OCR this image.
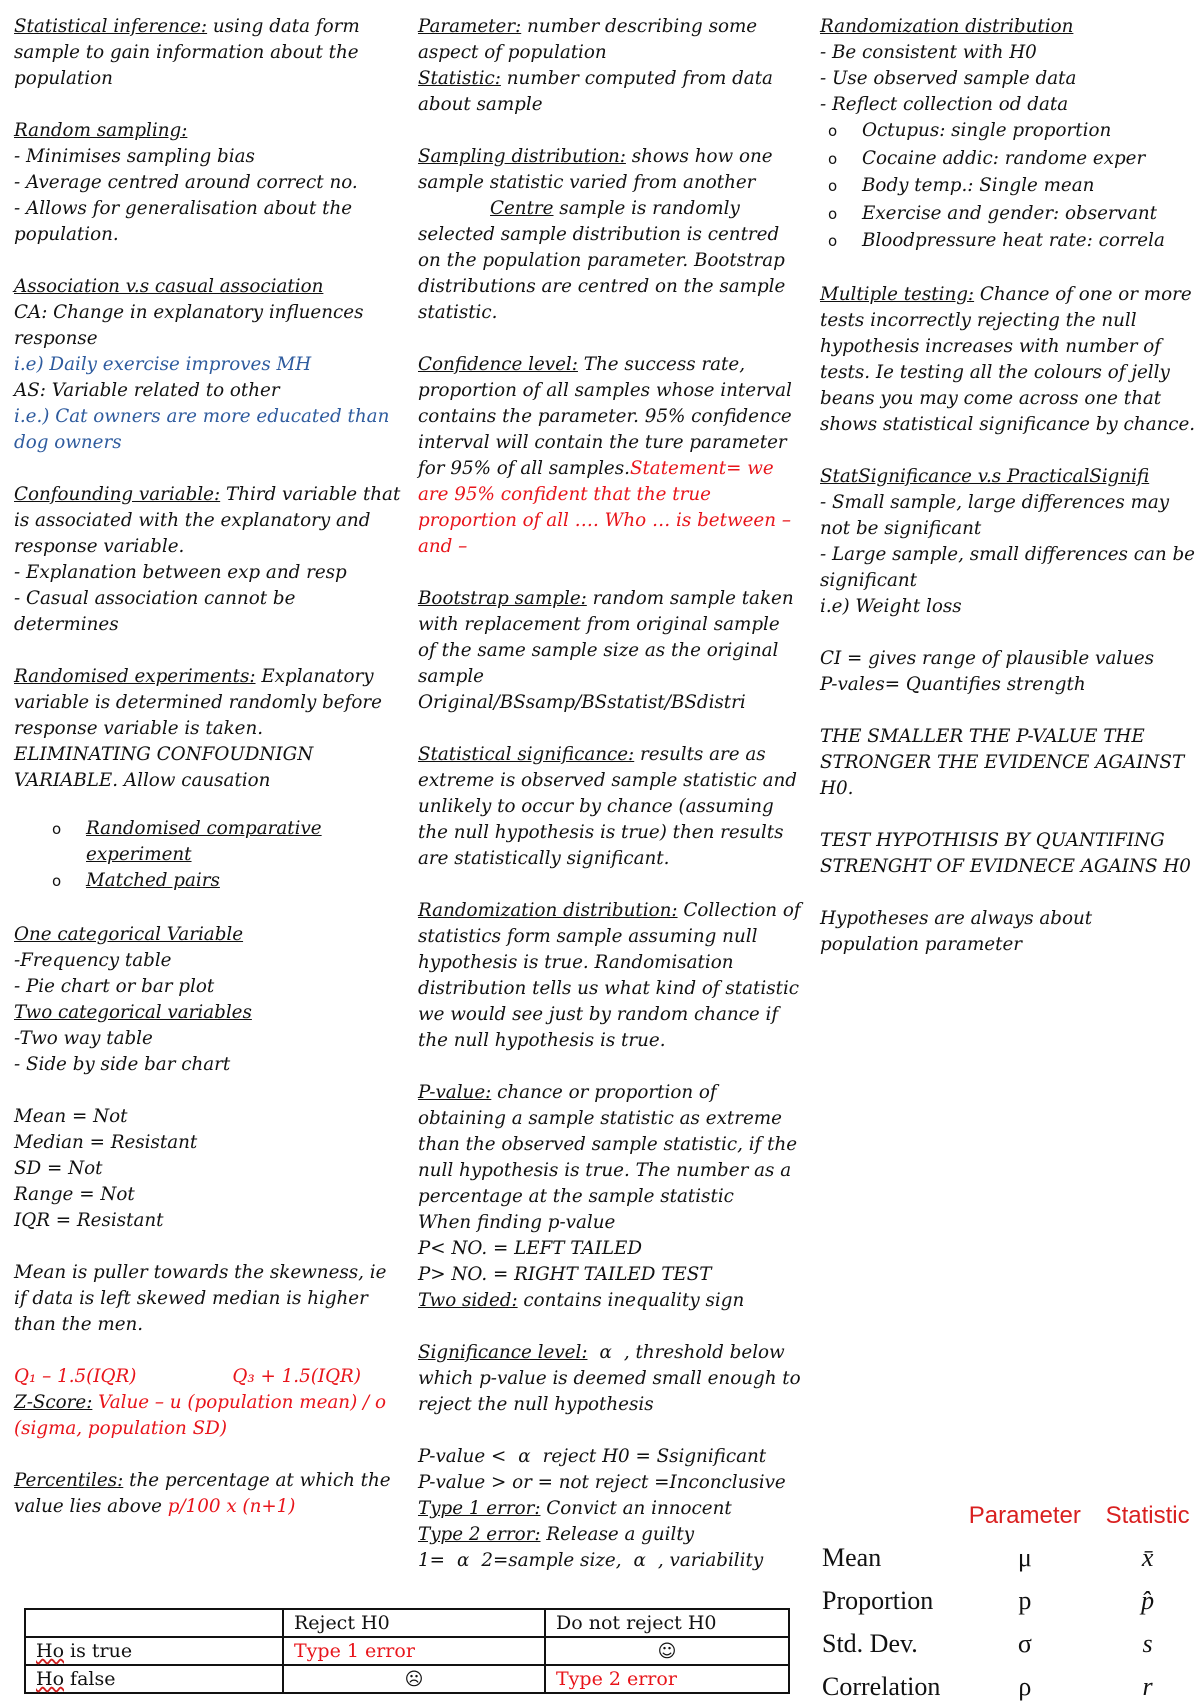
Statistical inference: using data form sample to gain information about the population
Random sampling:
- Minimises sampling bias
- Average centred around correct no.
- Allows for generalisation about the population.
Association v.s casual association
CA: Change in explanatory influences response
i.e) Daily exercise improves MH
AS: Variable related to other
i.e.) Cat owners are more educated than dog owners
Confounding variable: Third variable that is associated with the explanatory and response variable.
- Explanation between exp and resp
- Casual association cannot be determines
Randomised experiments: Explanatory variable is determined randomly before response variable is taken. ELIMINATING CONFOUDNIGN VARIABLE. Allow causation
o Randomised comparative experiment
o Matched pairs
One categorical Variable
-Frequency table
- Pie chart or bar plot
Two categorical variables
-Two way table
- Side by side bar chart
Mean = Not
Median = Resistant
SD = Not
Range = Not
IQR = Resistant
Mean is puller towards the skewness, ie if data is left skewed median is higher than the men.
Q₁ – 1.5(IQR)	Q₃ + 1.5(IQR)
Z-Score: Value – u (population mean) / o (sigma, population SD)
Percentiles: the percentage at which the value lies above p/100 x (n+1)
Parameter: number describing some aspect of population
Statistic: number computed from data about sample
Sampling distribution: shows how one sample statistic varied from another
Centre sample is randomly selected sample distribution is centred on the population parameter. Bootstrap distributions are centred on the sample statistic.
Confidence level: The success rate, proportion of all samples whose interval contains the parameter. 95% confidence interval will contain the ture parameter for 95% of all samples.Statement= we are 95% confident that the true proportion of all …. Who … is between – and –
Bootstrap sample: random sample taken with replacement from original sample of the same sample size as the original sample
Original/BSsamp/BSstatist/BSdistri
Statistical significance: results are as extreme is observed sample statistic and unlikely to occur by chance (assuming the null hypothesis is true) then results are statistically significant.
Randomization distribution: Collection of statistics form sample assuming null hypothesis is true. Randomisation distribution tells us what kind of statistic we would see just by random chance if the null hypothesis is true.
P-value: chance or proportion of obtaining a sample statistic as extreme than the observed sample statistic, if the null hypothesis is true. The number as a percentage at the sample statistic
When finding p-value
P< NO. = LEFT TAILED
P> NO. = RIGHT TAILED TEST
Two sided: contains inequality sign
Significance level: α , threshold below which p-value is deemed small enough to reject the null hypothesis
P-value < α reject H0 = Ssignificant
P-value > or = not reject =Inconclusive
Type 1 error: Convict an innocent
Type 2 error: Release a guilty
1= α 2=sample size, α , variability
Randomization distribution
- Be consistent with H0
- Use observed sample data
- Reflect collection od data
o Octupus: single proportion
o Cocaine addic: randome exper
o Body temp.: Single mean
o Exercise and gender: observant
o Bloodpressure heat rate: correla
Multiple testing: Chance of one or more tests incorrectly rejecting the null hypothesis increases with number of tests. Ie testing all the colours of jelly beans you may come across one that shows statistical significance by chance.
StatSignificance v.s PracticalSignifi
- Small sample, large differences may not be significant
- Large sample, small differences can be significant
i.e) Weight loss
CI = gives range of plausible values
P-vales= Quantifies strength
THE SMALLER THE P-VALUE THE STRONGER THE EVIDENCE AGAINST H0.
TEST HYPOTHISIS BY QUANTIFING STRENGHT OF EVIDNECE AGAINS H0
Hypotheses are always about population parameter
	Parameter	Statistic
Mean	μ	x̄
Proportion	p	p̂
Std. Dev.	σ	s
Correlation	ρ	r
	Reject H0	Do not reject H0
Ho is true	Type 1 error	☺
Ho false	☹	Type 2 error
